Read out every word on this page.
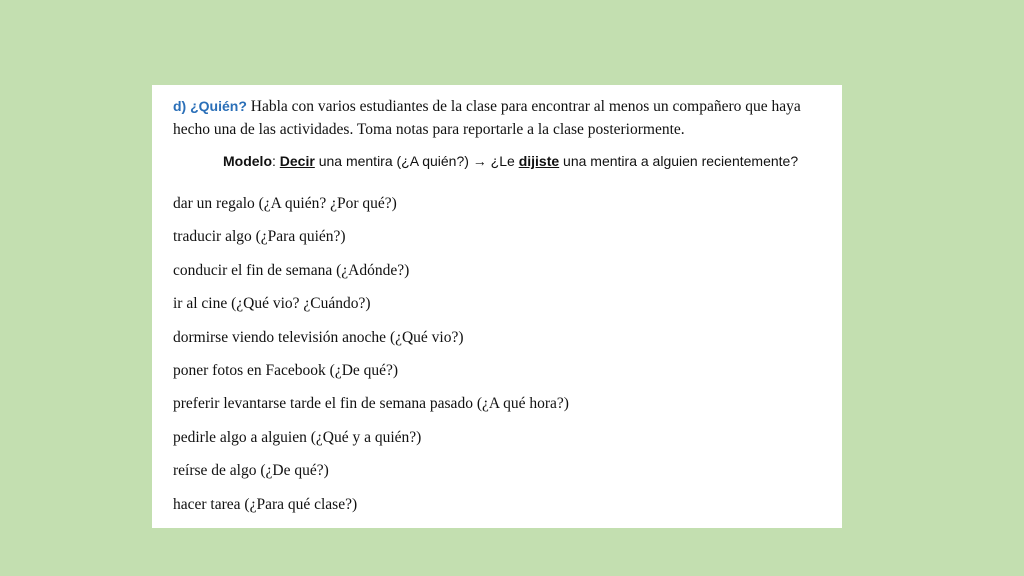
d) ¿Quién? Habla con varios estudiantes de la clase para encontrar al menos un compañero que haya hecho una de las actividades. Toma notas para reportarle a la clase posteriormente.

Modelo: Decir una mentira (¿A quién?) → ¿Le dijiste una mentira a alguien recientemente?
dar un regalo (¿A quién? ¿Por qué?)
traducir algo (¿Para quién?)
conducir el fin de semana (¿Adónde?)
ir al cine (¿Qué vio? ¿Cuándo?)
dormirse viendo televisión anoche (¿Qué vio?)
poner fotos en Facebook (¿De qué?)
preferir levantarse tarde el fin de semana pasado (¿A qué hora?)
pedirle algo a alguien (¿Qué y a quién?)
reírse de algo (¿De qué?)
hacer tarea (¿Para qué clase?)
